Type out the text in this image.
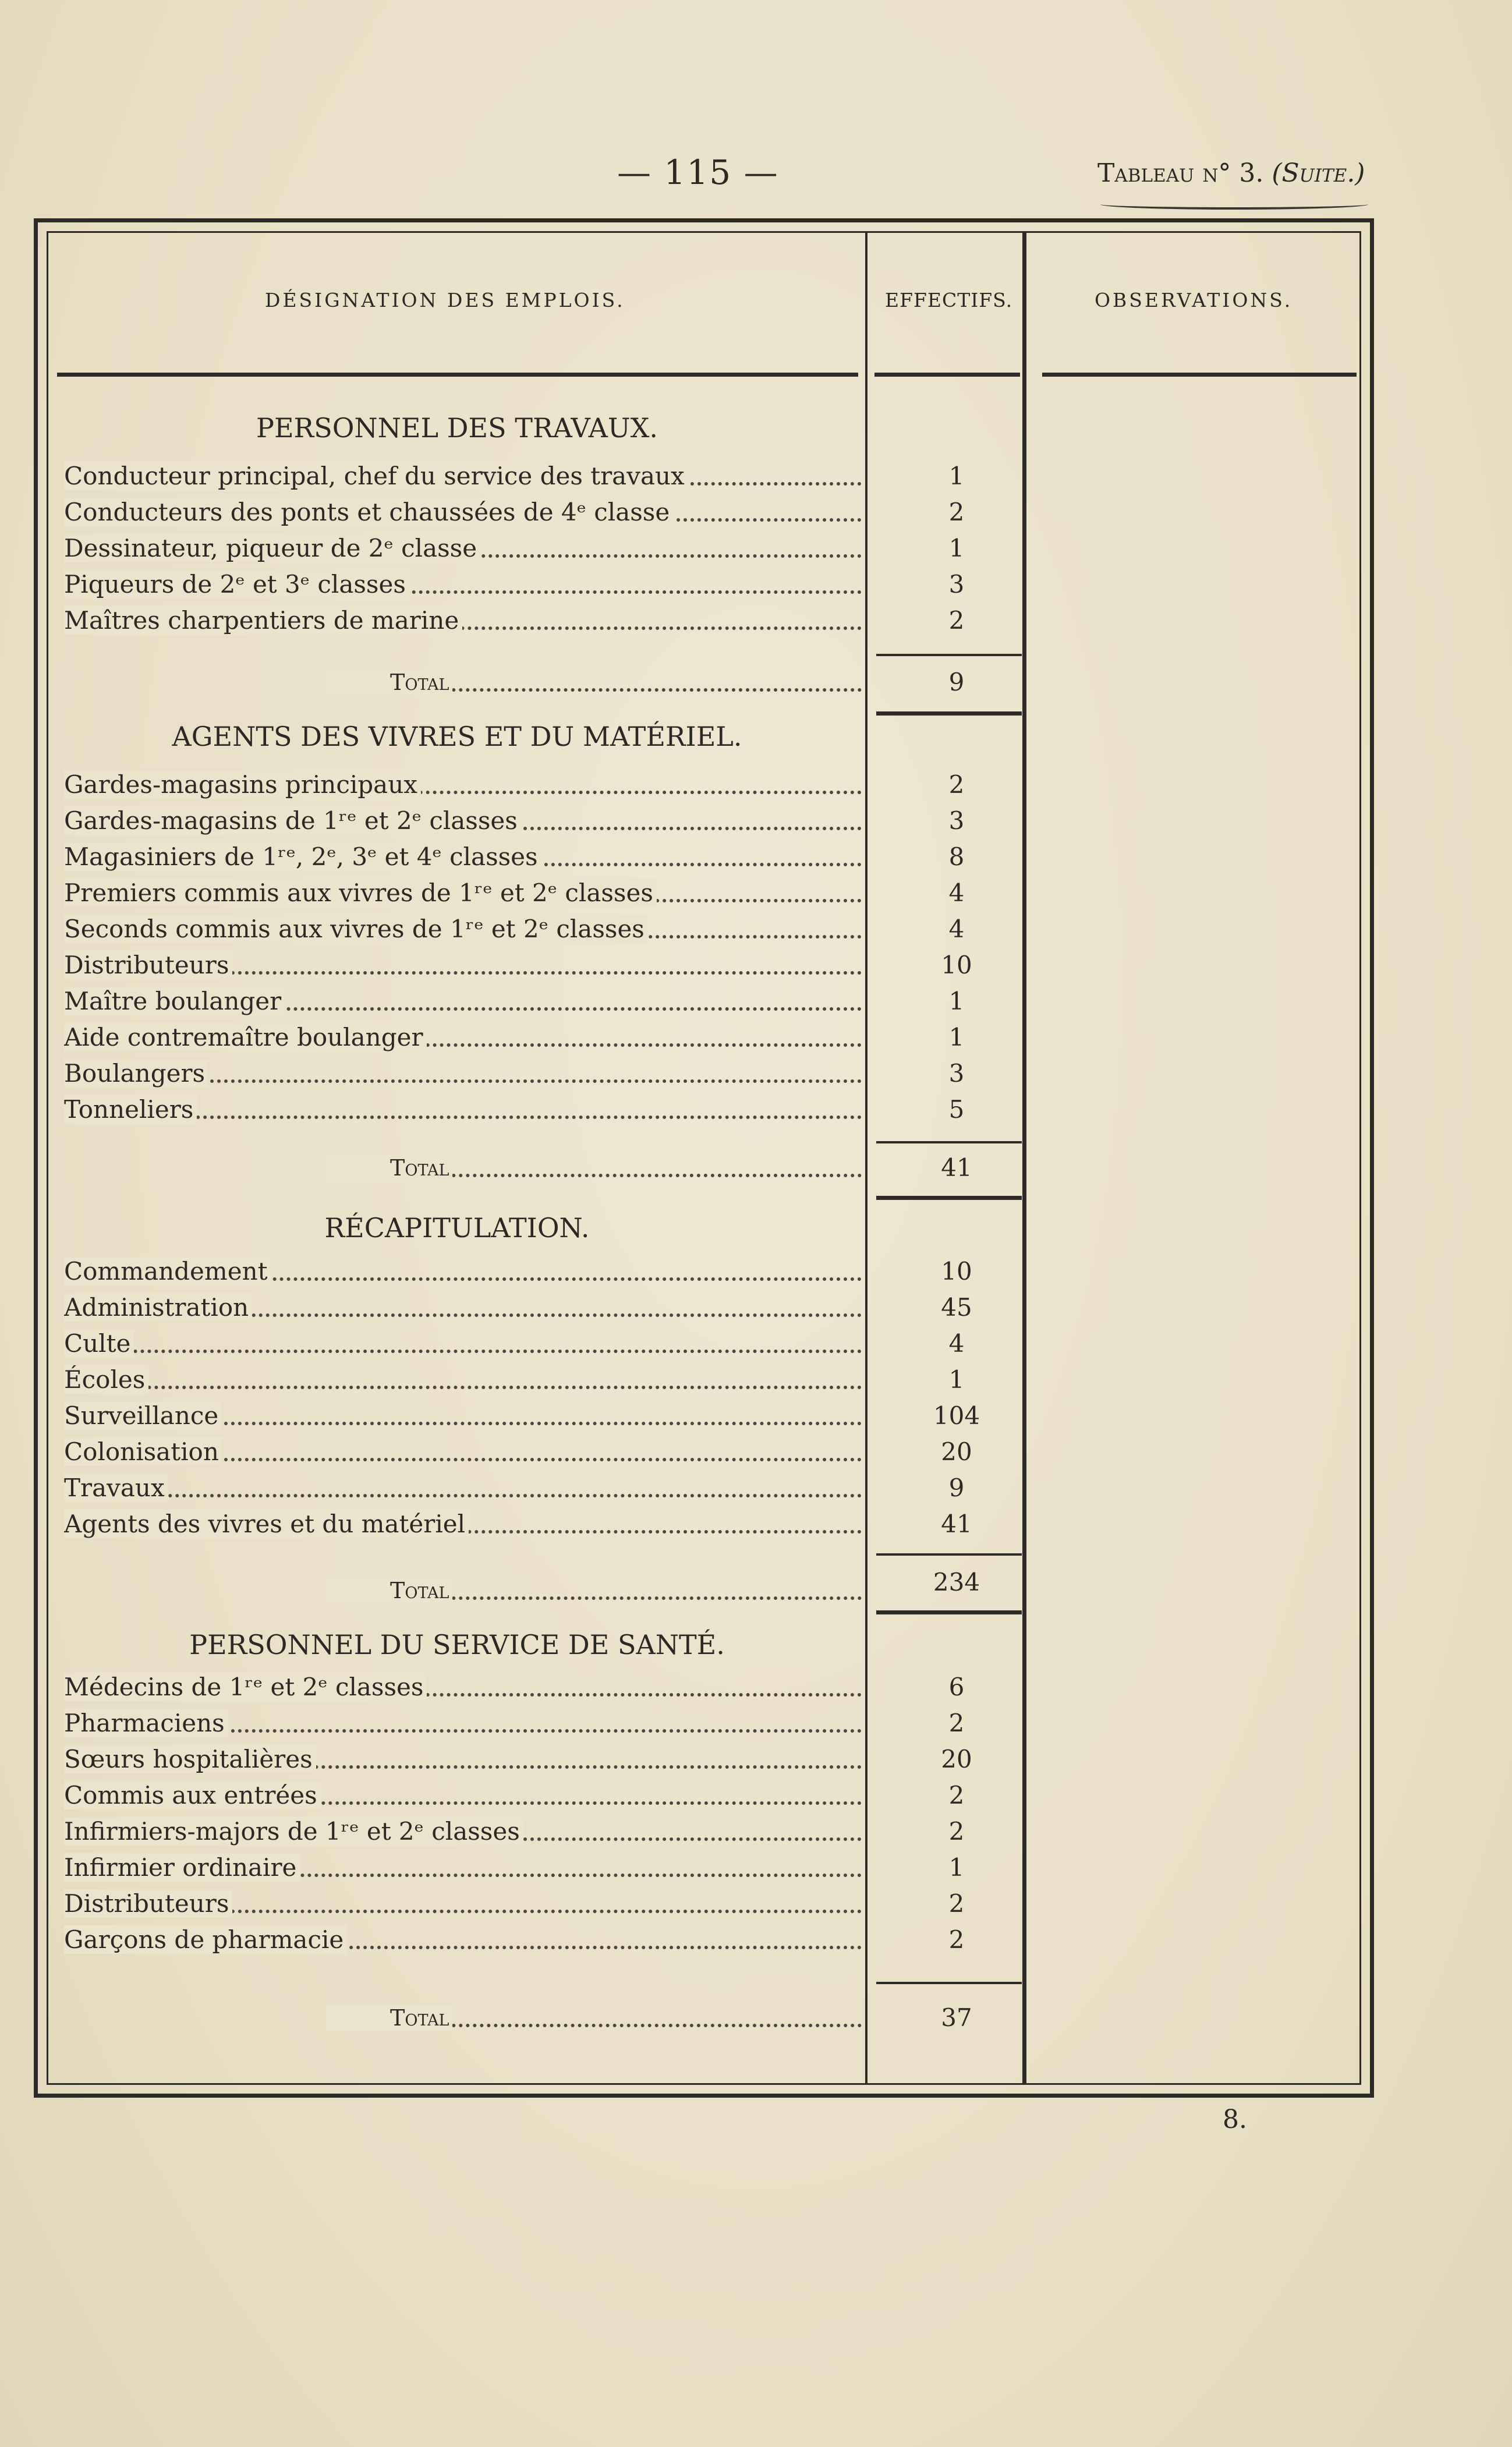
— 115 —	Tableau n° 3. (Suite.)
DÉSIGNATION DES EMPLOIS.	EFFECTIFS.	OBSERVATIONS.
PERSONNEL DES TRAVAUX.
Conducteur principal, chef du service des travaux	1
Conducteurs des ponts et chaussées de 4ᵉ classe	2
Dessinateur, piqueur de 2ᵉ classe	1
Piqueurs de 2ᵉ et 3ᵉ classes	3
Maîtres charpentiers de marine	2
Total	9
AGENTS DES VIVRES ET DU MATÉRIEL.
Gardes-magasins principaux	2
Gardes-magasins de 1ʳᵉ et 2ᵉ classes	3
Magasiniers de 1ʳᵉ, 2ᵉ, 3ᵉ et 4ᵉ classes	8
Premiers commis aux vivres de 1ʳᵉ et 2ᵉ classes	4
Seconds commis aux vivres de 1ʳᵉ et 2ᵉ classes	4
Distributeurs	10
Maître boulanger	1
Aide contremaître boulanger	1
Boulangers	3
Tonneliers	5
Total	41
RÉCAPITULATION.
Commandement	10
Administration	45
Culte	4
Écoles	1
Surveillance	104
Colonisation	20
Travaux	9
Agents des vivres et du matériel	41
Total	234
PERSONNEL DU SERVICE DE SANTÉ.
Médecins de 1ʳᵉ et 2ᵉ classes	6
Pharmaciens	2
Sœurs hospitalières	20
Commis aux entrées	2
Infirmiers-majors de 1ʳᵉ et 2ᵉ classes	2
Infirmier ordinaire	1
Distributeurs	2
Garçons de pharmacie	2
Total	37
8.
